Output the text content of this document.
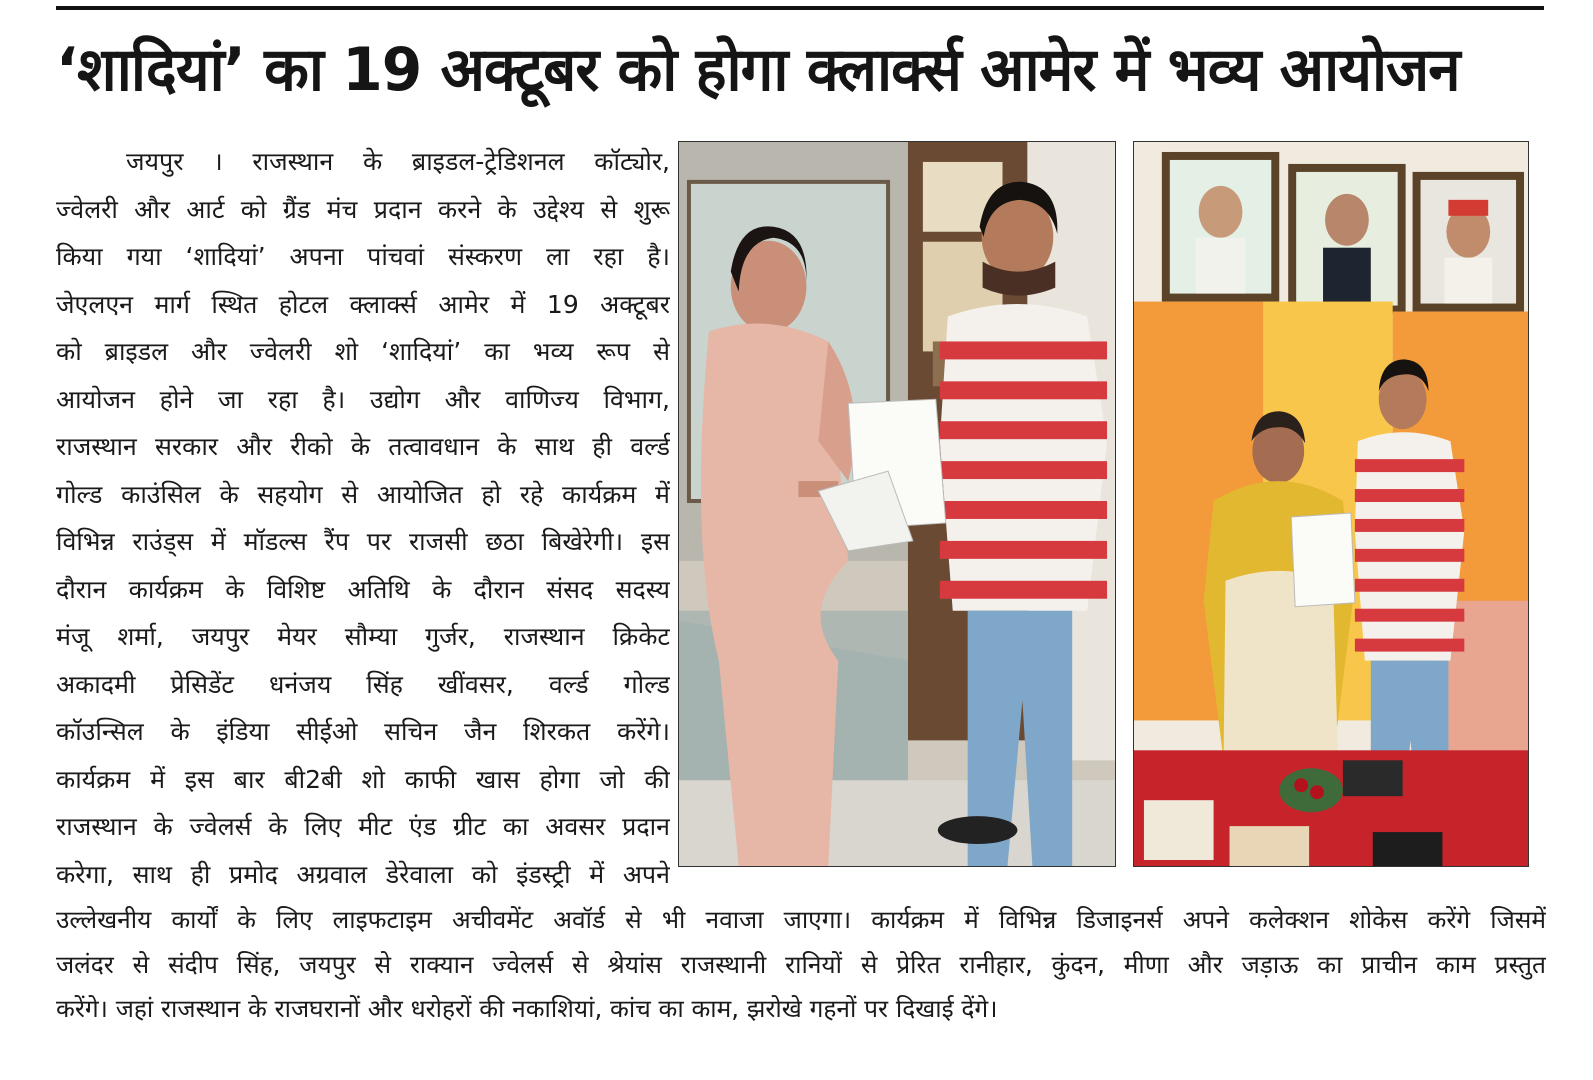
‘शादियां’ का 19 अक्टूबर को होगा क्लार्क्स आमेर में भव्य आयोजन
जयपुर । राजस्थान के ब्राइडल-ट्रेडिशनल कॉट्योर,
ज्वेलरी और आर्ट को ग्रैंड मंच प्रदान करने के उद्देश्य से शुरू
किया गया ‘शादियां’ अपना पांचवां संस्करण ला रहा है।
जेएलएन मार्ग स्थित होटल क्लार्क्स आमेर में 19 अक्टूबर
को ब्राइडल और ज्वेलरी शो ‘शादियां’ का भव्य रूप से
आयोजन होने जा रहा है। उद्योग और वाणिज्य विभाग,
राजस्थान सरकार और रीको के तत्वावधान के साथ ही वर्ल्ड
गोल्ड काउंसिल के सहयोग से आयोजित हो रहे कार्यक्रम में
विभिन्न राउंड्स में मॉडल्स रैंप पर राजसी छठा बिखेरेगी। इस
दौरान कार्यक्रम के विशिष्ट अतिथि के दौरान संसद सदस्य
मंजू शर्मा, जयपुर मेयर सौम्या गुर्जर, राजस्थान क्रिकेट
अकादमी प्रेसिडेंट धनंजय सिंह खींवसर, वर्ल्ड गोल्ड
कॉउन्सिल के इंडिया सीईओ सचिन जैन शिरकत करेंगे।
कार्यक्रम में इस बार बी2बी शो काफी खास होगा जो की
राजस्थान के ज्वेलर्स के लिए मीट एंड ग्रीट का अवसर प्रदान
करेगा, साथ ही प्रमोद अग्रवाल डेरेवाला को इंडस्ट्री में अपने
उल्लेखनीय कार्यों के लिए लाइफटाइम अचीवमेंट अवॉर्ड से भी नवाजा जाएगा। कार्यक्रम में विभिन्न डिजाइनर्स अपने कलेक्शन शोकेस करेंगे जिसमें
जलंदर से संदीप सिंह, जयपुर से राक्यान ज्वेलर्स से श्रेयांस राजस्थानी रानियों से प्रेरित रानीहार, कुंदन, मीणा और जड़ाऊ का प्राचीन काम प्रस्तुत
करेंगे। जहां राजस्थान के राजघरानों और धरोहरों की नकाशियां, कांच का काम, झरोखे गहनों पर दिखाई देंगे।
